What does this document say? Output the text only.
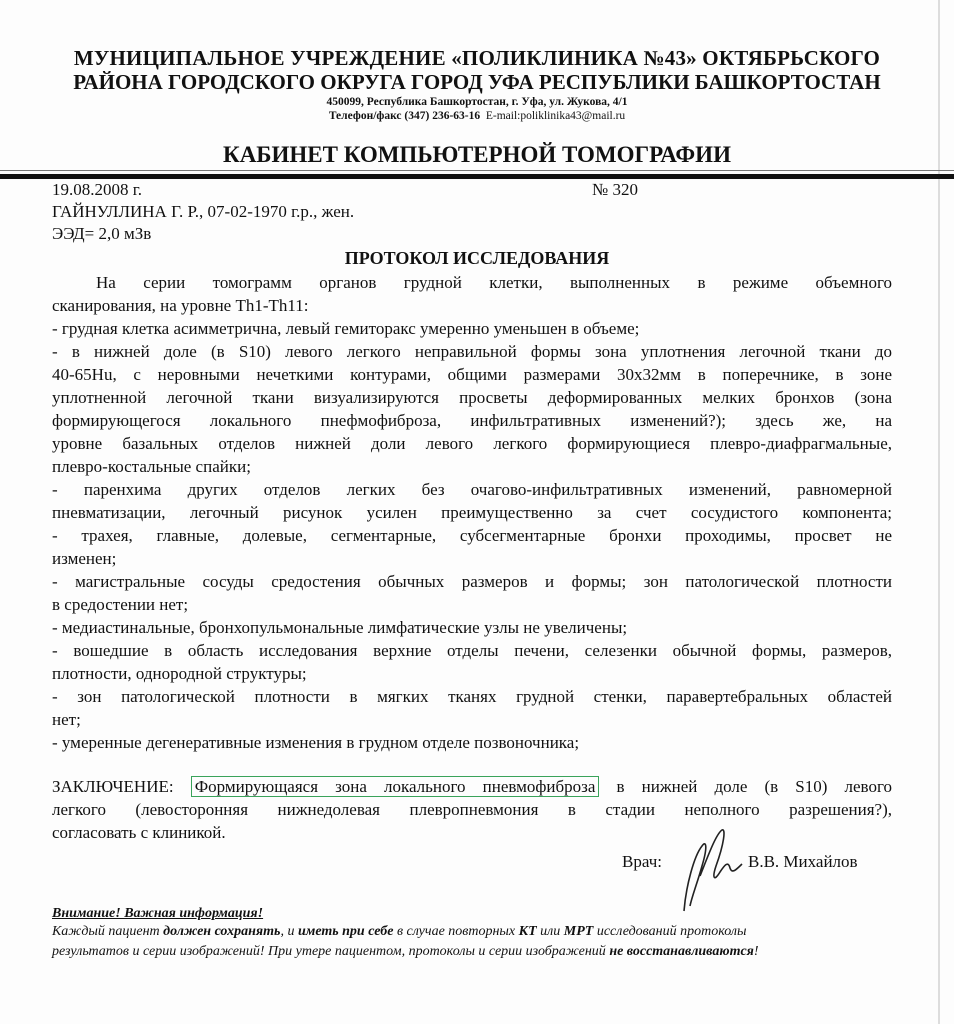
МУНИЦИПАЛЬНОЕ УЧРЕЖДЕНИЕ «ПОЛИКЛИНИКА №43» ОКТЯБРЬСКОГО
РАЙОНА ГОРОДСКОГО ОКРУГА ГОРОД УФА РЕСПУБЛИКИ БАШКОРТОСТАН
450099, Республика Башкортостан, г. Уфа, ул. Жукова, 4/1
Телефон/факс (347) 236-63-16 E-mail:poliklinika43@mail.ru
КАБИНЕТ КОМПЬЮТЕРНОЙ ТОМОГРАФИИ
19.08.2008 г.	№ 320
ГАЙНУЛЛИНА Г. Р., 07-02-1970 г.р., жен.
ЭЭД= 2,0 мЗв
ПРОТОКОЛ ИССЛЕДОВАНИЯ
На серии томограмм органов грудной клетки, выполненных в режиме объемного
сканирования, на уровне Th1-Th11:
- грудная клетка асимметрична, левый гемиторакс умеренно уменьшен в объеме;
- в нижней доле (в S10) левого легкого неправильной формы зона уплотнения легочной ткани до
40-65Hu, с неровными нечеткими контурами, общими размерами 30х32мм в поперечнике, в зоне
уплотненной легочной ткани визуализируются просветы деформированных мелких бронхов (зона
формирующегося локального пнефмофиброза, инфильтративных изменений?); здесь же, на
уровне базальных отделов нижней доли левого легкого формирующиеся плевро-диафрагмальные,
плевро-костальные спайки;
- паренхима других отделов легких без очагово-инфильтративных изменений, равномерной
пневматизации, легочный рисунок усилен преимущественно за счет сосудистого компонента;
- трахея, главные, долевые, сегментарные, субсегментарные бронхи проходимы, просвет не
изменен;
- магистральные сосуды средостения обычных размеров и формы; зон патологической плотности
в средостении нет;
- медиастинальные, бронхопульмональные лимфатические узлы не увеличены;
- вошедшие в область исследования верхние отделы печени, селезенки обычной формы, размеров,
плотности, однородной структуры;
- зон патологической плотности в мягких тканях грудной стенки, паравертебральных областей
нет;
- умеренные дегенеративные изменения в грудном отделе позвоночника;
ЗАКЛЮЧЕНИЕ: Формирующаяся зона локального пневмофиброза в нижней доле (в S10) левого
легкого (левосторонняя нижнедолевая плевропневмония в стадии неполного разрешения?),
согласовать с клиникой.
Врач:	В.В. Михайлов
Внимание! Важная информация!
Каждый пациент должен сохранять, и иметь при себе в случае повторных КТ или МРТ исследований протоколы
результатов и серии изображений! При утере пациентом, протоколы и серии изображений не восстанавливаются!
